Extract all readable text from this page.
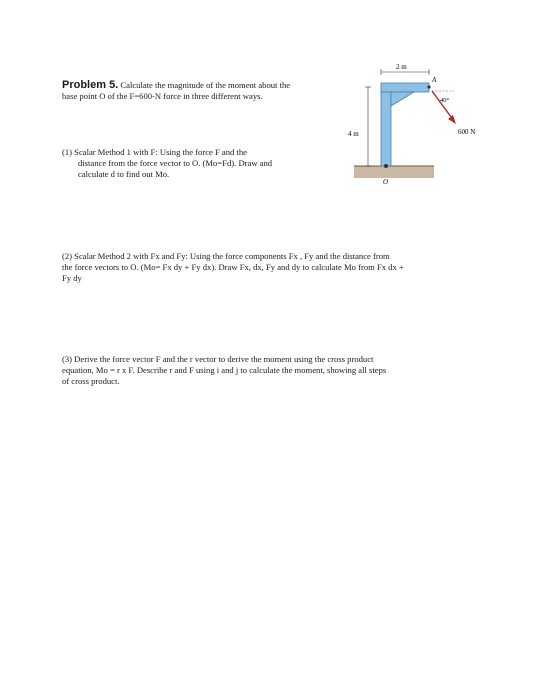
Problem 5. Calculate the magnitude of the moment about the
base point O of the F=600-N force in three different ways.
(1) Scalar Method 1 with F: Using the force F and the

distance from the force vector to O. (Mo=Fd). Draw and
calculate d to find out Mo.
2 m
4 m
40°
A
600 N
O
(2) Scalar Method 2 with Fx and Fy: Using the force components Fx , Fy and the distance from
the force vectors to O. (Mo= Fx dy + Fy dx). Draw Fx, dx, Fy and dy to calculate Mo from Fx dx +
Fy dy
(3) Derive the force vector F and the r vector to derive the moment using the cross product
equation, Mo = r x F. Describe r and F using i and j to calculate the moment, showing all steps
of cross product.
